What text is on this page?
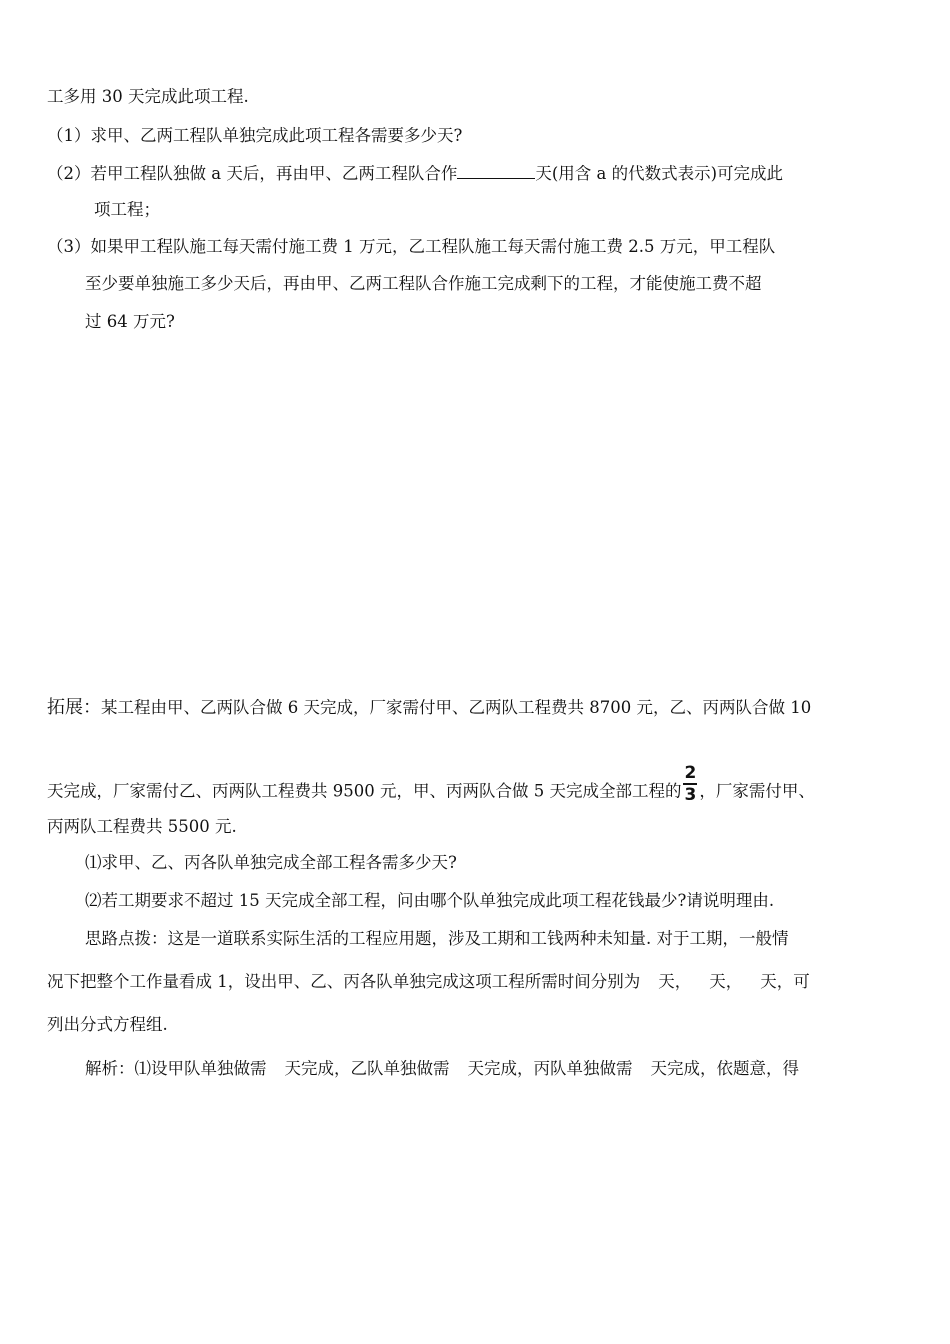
工多用 30 天完成此项工程.
（1）求甲、乙两工程队单独完成此项工程各需要多少天?
（2）若甲工程队独做 a 天后，再由甲、乙两工程队合作	天(用含 a 的代数式表示)可完成此
项工程；
（3）如果甲工程队施工每天需付施工费 1 万元，乙工程队施工每天需付施工费 2.5 万元，甲工程队
至少要单独施工多少天后，再由甲、乙两工程队合作施工完成剩下的工程，才能使施工费不超
过 64 万元?
拓展：某工程由甲、乙两队合做 6 天完成，厂家需付甲、乙两队工程费共 8700 元，乙、丙两队合做 10
天完成，厂家需付乙、丙两队工程费共 9500 元，甲、丙两队合做 5 天完成全部工程的 $\frac{2}{3}$ ，厂家需付甲、
丙两队工程费共 5500 元.
⑴求甲、乙、丙各队单独完成全部工程各需多少天?
⑵若工期要求不超过 15 天完成全部工程，问由哪个队单独完成此项工程花钱最少?请说明理由.
思路点拨：这是一道联系实际生活的工程应用题，涉及工期和工钱两种未知量. 对于工期，一般情
况下把整个工作量看成 1，设出甲、乙、丙各队单独完成这项工程所需时间分别为 天， 天， 天，可
列出分式方程组.
解析：⑴设甲队单独做需 天完成，乙队单独做需 天完成，丙队单独做需 天完成，依题意，得
